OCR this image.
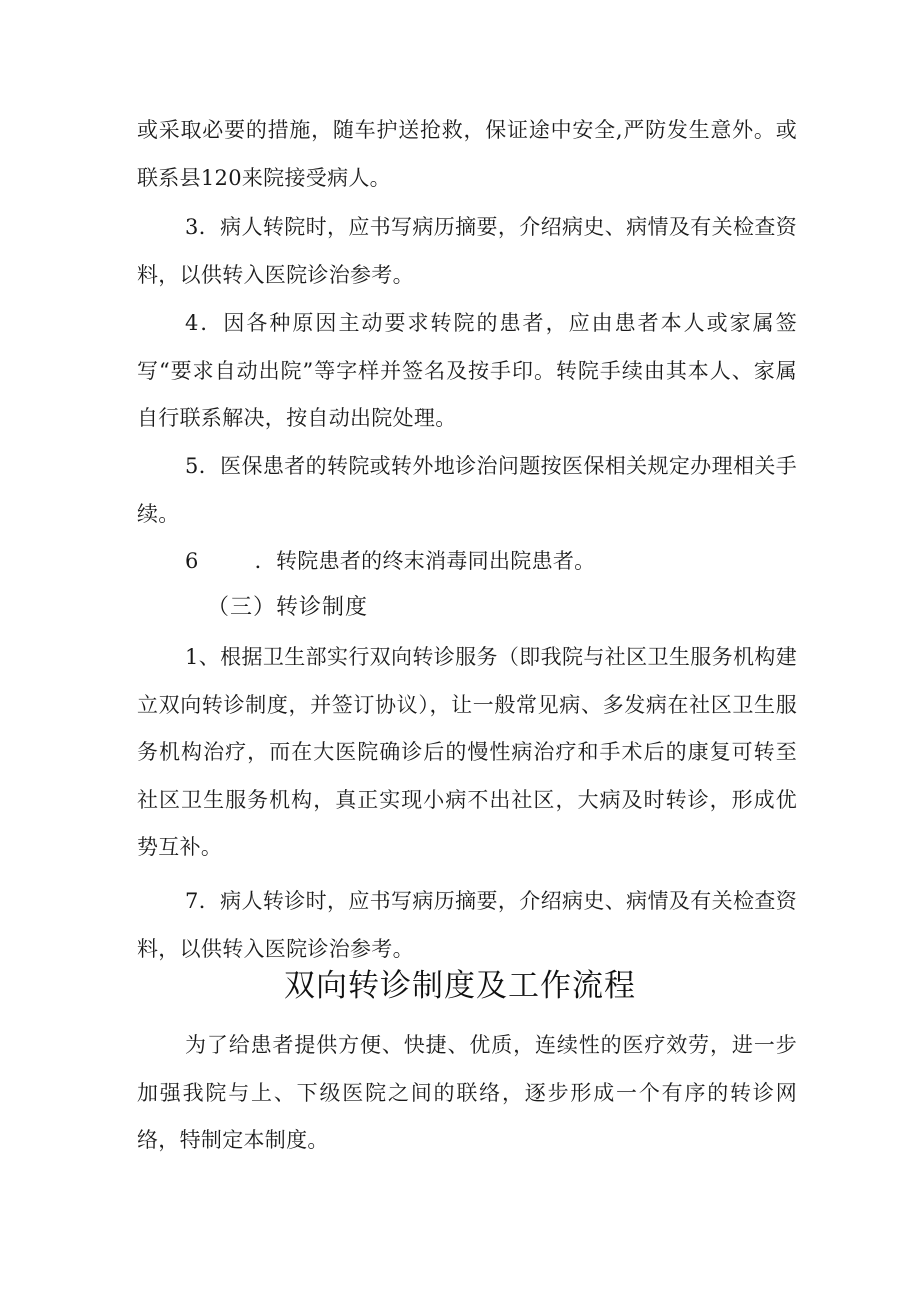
或采取必要的措施，随车护送抢救，保证途中安全,严防发生意外。或联系县120来院接受病人。

3．病人转院时，应书写病历摘要，介绍病史、病情及有关检查资料，以供转入医院诊治参考。

4．因各种原因主动要求转院的患者，应由患者本人或家属签写“要求自动出院”等字样并签名及按手印。转院手续由其本人、家属自行联系解决，按自动出院处理。

5．医保患者的转院或转外地诊治问题按医保相关规定办理相关手续。

6	．转院患者的终末消毒同出院患者。

（三）转诊制度

1、根据卫生部实行双向转诊服务（即我院与社区卫生服务机构建立双向转诊制度，并签订协议），让一般常见病、多发病在社区卫生服务机构治疗，而在大医院确诊后的慢性病治疗和手术后的康复可转至社区卫生服务机构，真正实现小病不出社区，大病及时转诊，形成优势互补。

7．病人转诊时，应书写病历摘要，介绍病史、病情及有关检查资料，以供转入医院诊治参考。

双向转诊制度及工作流程

为了给患者提供方便、快捷、优质，连续性的医疗效劳，进一步加强我院与上、下级医院之间的联络，逐步形成一个有序的转诊网络，特制定本制度。
